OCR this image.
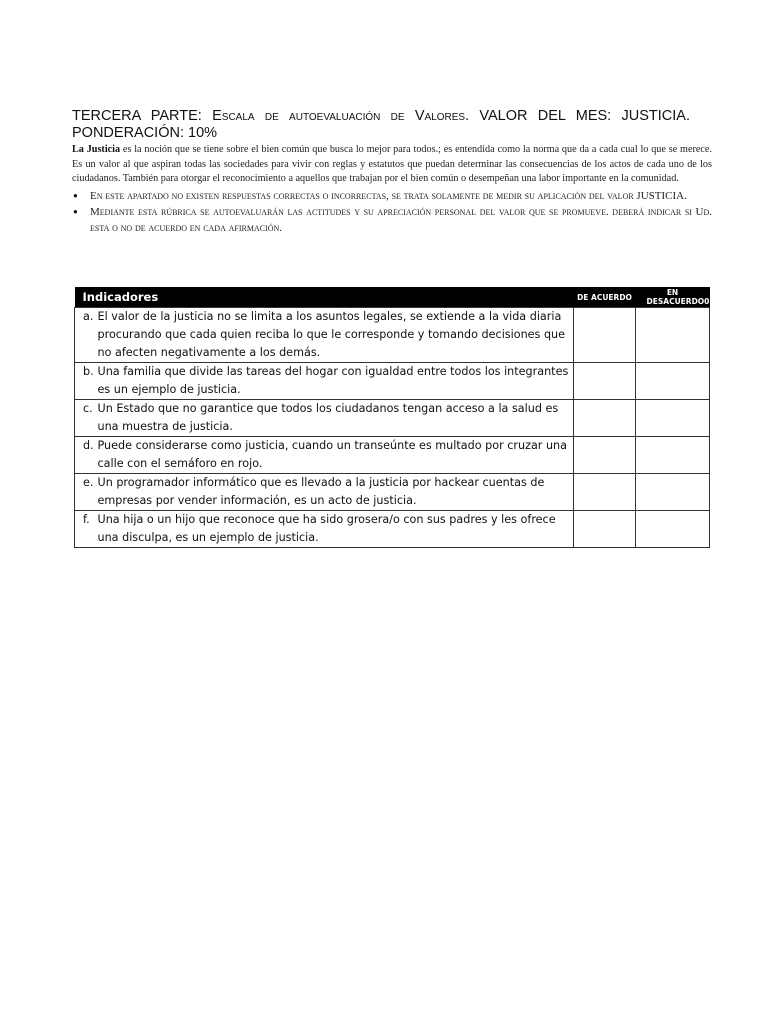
TERCERA PARTE: Escala de autoevaluación de Valores. VALOR DEL MES: JUSTICIA.PONDERACIÓN: 10%

La Justicia es la noción que se tiene sobre el bien común que busca lo mejor para todos.; es entendida como la norma que da a cada cual lo que se merece. Es un valor al que aspiran todas las sociedades para vivir con reglas y estatutos que puedan determinar las consecuencias de los actos de cada uno de los ciudadanos. También para otorgar el reconocimiento a aquellos que trabajan por el bien común o desempeñan una labor importante en la comunidad.

● En este apartado no existen respuestas correctas o incorrectas, se trata solamente de medir su aplicación del valor JUSTICIA.
● Mediante esta rúbrica se autoevaluarán las actitudes y su apreciación personal del valor que se promueve. deberá indicar si Ud. esta o no de acuerdo en cada afirmación.
Indicadores		DE ACUERDO	EN DESACUERDO0
a.	El valor de la justicia no se limita a los asuntos legales, se extiende a la vida diaria procurando que cada quien reciba lo que le corresponde y tomando decisiones que no afecten negativamente a los demás.		
b.	Una familia que divide las tareas del hogar con igualdad entre todos los integrantes es un ejemplo de justicia.		
c.	Un Estado que no garantice que todos los ciudadanos tengan acceso a la salud es una muestra de justicia.		
d.	Puede considerarse como justicia, cuando un transeúnte es multado por cruzar una calle con el semáforo en rojo.		
e.	Un programador informático que es llevado a la justicia por hackear cuentas de empresas por vender información, es un acto de justicia.		
f.	Una hija o un hijo que reconoce que ha sido grosera/o con sus padres y les ofrece una disculpa, es un ejemplo de justicia.		
